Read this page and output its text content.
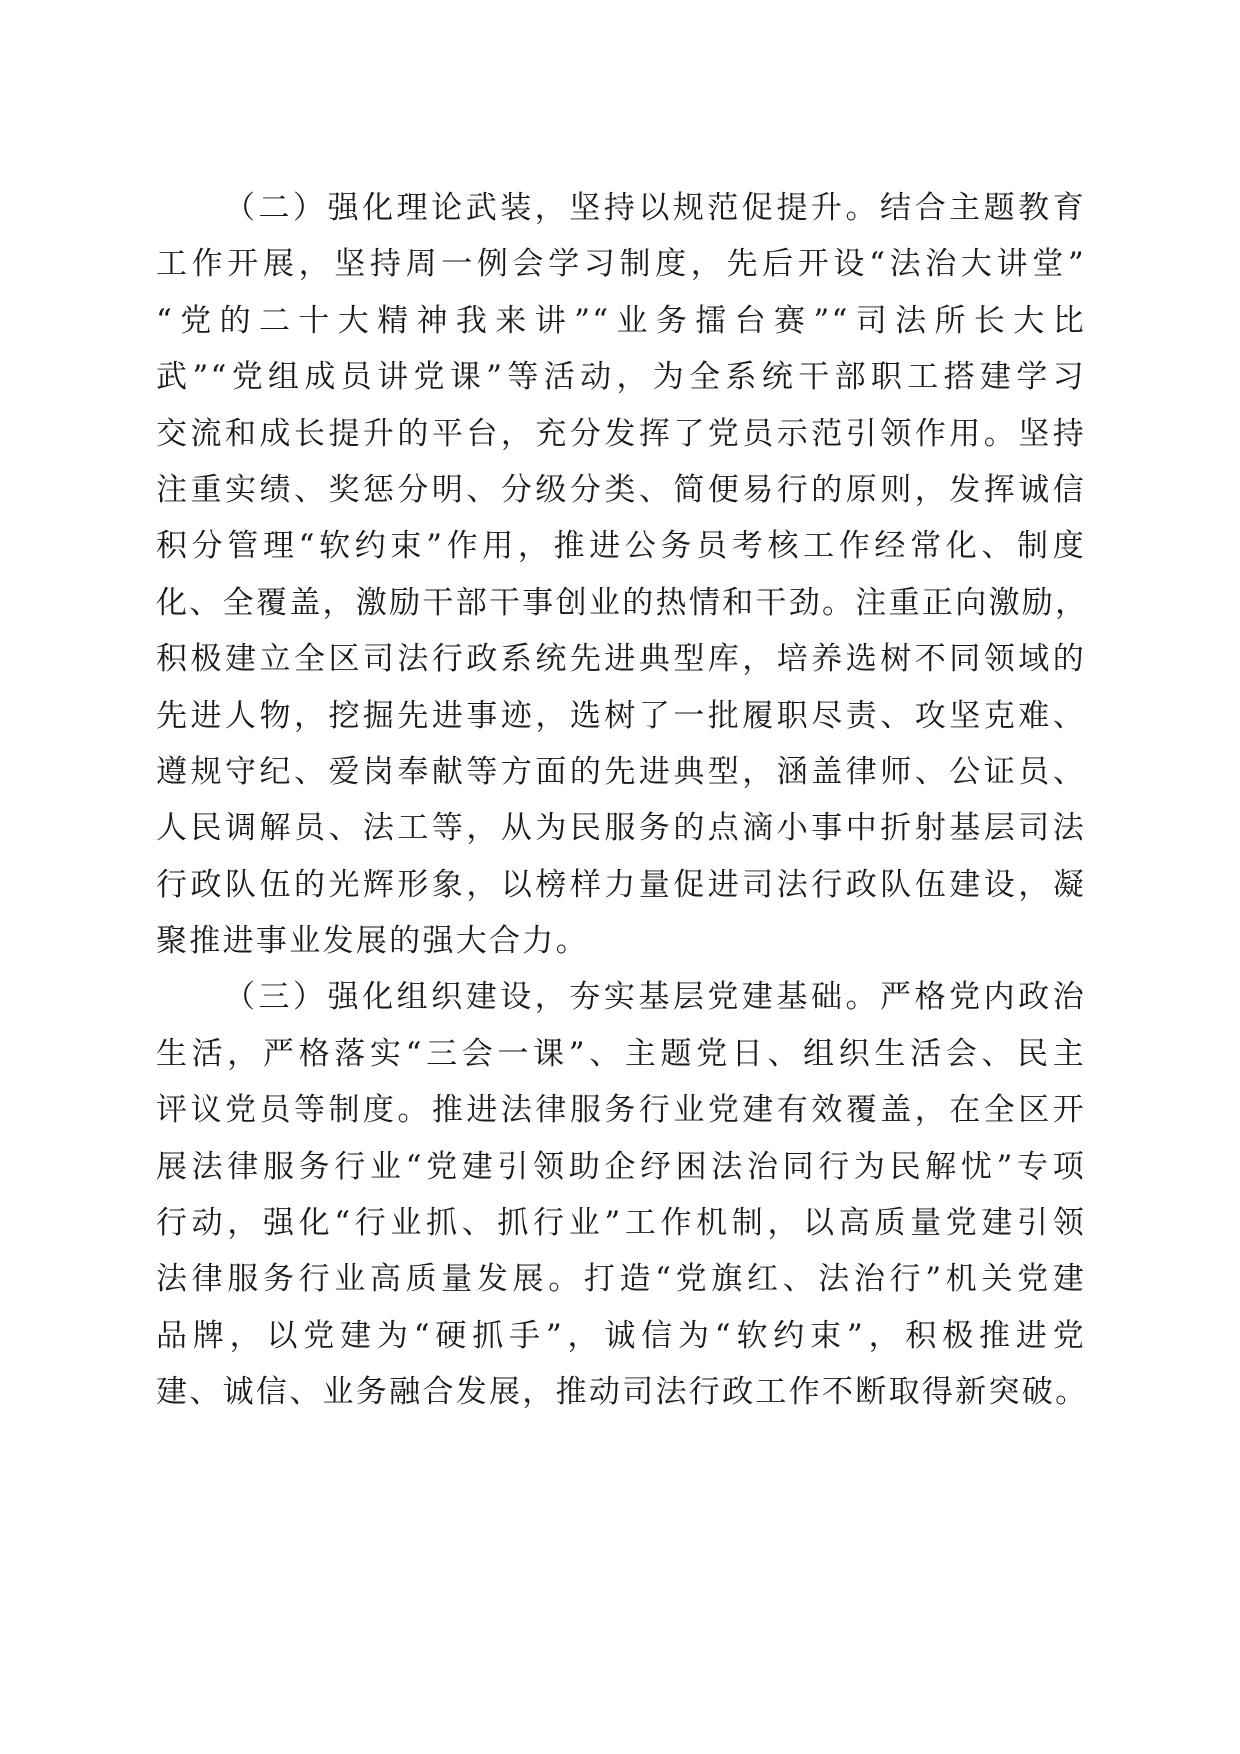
（二）强化理论武装，坚持以规范促提升。结合主题教育
工作开展，坚持周一例会学习制度，先后开设“法治大讲堂”
“党的二十大精神我来讲”“业务擂台赛”“司法所长大比
武”“党组成员讲党课”等活动，为全系统干部职工搭建学习
交流和成长提升的平台，充分发挥了党员示范引领作用。坚持
注重实绩、奖惩分明、分级分类、简便易行的原则，发挥诚信
积分管理“软约束”作用，推进公务员考核工作经常化、制度
化、全覆盖，激励干部干事创业的热情和干劲。注重正向激励，
积极建立全区司法行政系统先进典型库，培养选树不同领域的
先进人物，挖掘先进事迹，选树了一批履职尽责、攻坚克难、
遵规守纪、爱岗奉献等方面的先进典型，涵盖律师、公证员、
人民调解员、法工等，从为民服务的点滴小事中折射基层司法
行政队伍的光辉形象，以榜样力量促进司法行政队伍建设，凝
聚推进事业发展的强大合力。
（三）强化组织建设，夯实基层党建基础。严格党内政治
生活，严格落实“三会一课”、主题党日、组织生活会、民主
评议党员等制度。推进法律服务行业党建有效覆盖，在全区开
展法律服务行业“党建引领助企纾困法治同行为民解忧”专项
行动，强化“行业抓、抓行业”工作机制，以高质量党建引领
法律服务行业高质量发展。打造“党旗红、法治行”机关党建
品牌，以党建为“硬抓手”，诚信为“软约束”，积极推进党
建、诚信、业务融合发展，推动司法行政工作不断取得新突破。
